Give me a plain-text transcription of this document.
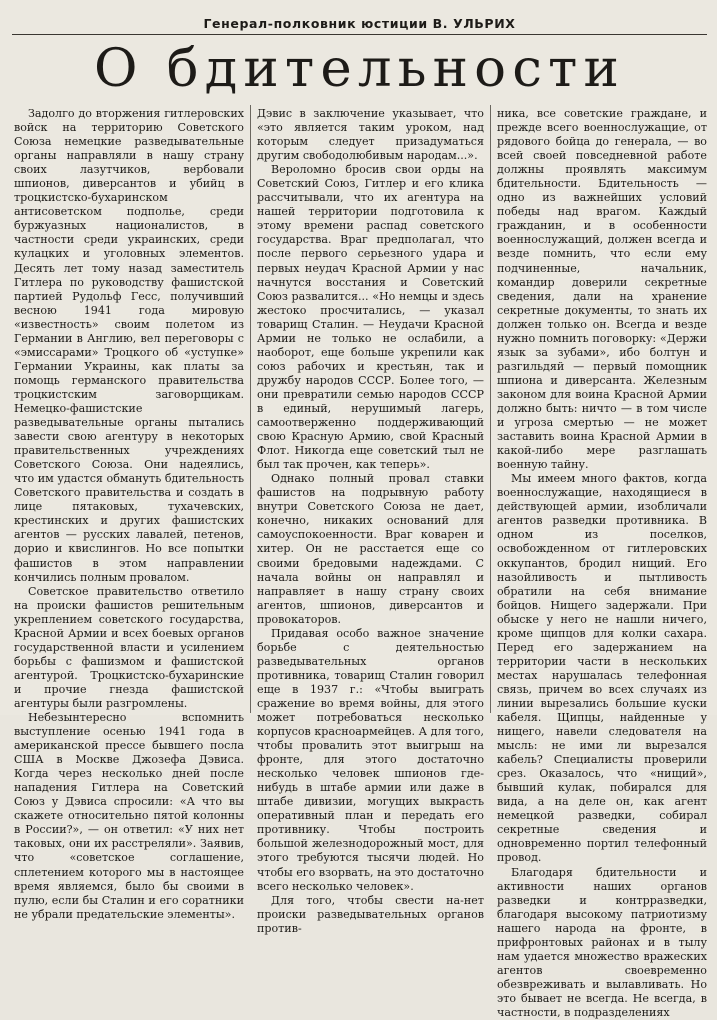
Генерал-полковник юстиции В. УЛЬРИХ
О бдительности

Задолго до вторжения гитлеровских войск на территорию Советского Союза немецкие разведывательные органы направляли в нашу страну своих лазутчиков, вербовали шпионов, диверсантов и убийц в троцкистско-бухаринском антисоветском подполье, среди буржуазных националистов, в частности среди украинских, среди кулацких и уголовных элементов. Десять лет тому назад заместитель Гитлера по руководству фашистской партией Рудольф Гесс, получивший весною 1941 года мировую «известность» своим полетом из Германии в Англию, вел переговоры с «эмиссарами» Троцкого об «уступке» Германии Украины, как платы за помощь германского правительства троцкистским заговорщикам. Немецко-фашистские разведывательные органы пытались завести свою агентуру в некоторых правительственных учреждениях Советского Союза. Они надеялись, что им удастся обмануть бдительность Советского правительства и создать в лице пятаковых, тухачевских, крестинских и других фашистских агентов — русских лавалей, петенов, дорио и квислингов. Но все попытки фашистов в этом направлении кончились полным провалом.

Советское правительство ответило на происки фашистов решительным укреплением советского государства, Красной Армии и всех боевых органов государственной власти и усилением борьбы с фашизмом и фашистской агентурой. Троцкистско-бухаринские и прочие гнезда фашистской агентуры были разгромлены.

Небезынтересно вспомнить выступление осенью 1941 года в американской прессе бывшего посла США в Москве Джозефа Дэвиса. Когда через несколько дней после нападения Гитлера на Советский Союз у Дэвиса спросили: «А что вы скажете относительно пятой колонны в России?», — он ответил: «У них нет таковых, они их расстреляли». Заявив, что «советское соглашение, сплетением которого мы в настоящее время являемся, было бы своими в пулю, если бы Сталин и его соратники не убрали предательские элементы».

Дэвис в заключение указывает, что «это является таким уроком, над которым следует призадуматься другим свободолюбивым народам...».

Вероломно бросив свои орды на Советский Союз, Гитлер и его клика рассчитывали, что их агентура на нашей территории подготовила к этому времени распад советского государства. Враг предполагал, что после первого серьезного удара и первых неудач Красной Армии у нас начнутся восстания и Советский Союз развалится... «Но немцы и здесь жестоко просчитались, — указал товарищ Сталин. — Неудачи Красной Армии не только не ослабили, а наоборот, еще больше укрепили как союз рабочих и крестьян, так и дружбу народов СССР. Более того, — они превратили семью народов СССР в единый, нерушимый лагерь, самоотверженно поддерживающий свою Красную Армию, свой Красный Флот. Никогда еще советский тыл не был так прочен, как теперь».

Однако полный провал ставки фашистов на подрывную работу внутри Советского Союза не дает, конечно, никаких оснований для самоуспокоенности. Враг коварен и хитер. Он не расстается еще со своими бредовыми надеждами. С начала войны он направлял и направляет в нашу страну своих агентов, шпионов, диверсантов и провокаторов.

Придавая особо важное значение борьбе с деятельностью разведывательных органов противника, товарищ Сталин говорил еще в 1937 г.: «Чтобы выиграть сражение во время войны, для этого может потребоваться несколько корпусов красноармейцев. А для того, чтобы провалить этот выигрыш на фронте, для этого достаточно несколько человек шпионов где-нибудь в штабе армии или даже в штабе дивизии, могущих выкрасть оперативный план и передать его противнику. Чтобы построить большой железнодорожный мост, для этого требуются тысячи людей. Но чтобы его взорвать, на это достаточно всего несколько человек».

Для того, чтобы свести на-нет происки разведывательных органов против-

ника, все советские граждане, и прежде всего военнослужащие, от рядового бойца до генерала, — во всей своей повседневной работе должны проявлять максимум бдительности. Бдительность — одно из важнейших условий победы над врагом. Каждый гражданин, и в особенности военнослужащий, должен всегда и везде помнить, что если ему подчиненные, начальник, командир доверили секретные сведения, дали на хранение секретные документы, то знать их должен только он. Всегда и везде нужно помнить поговорку: «Держи язык за зубами», ибо болтун и разгильдяй — первый помощник шпиона и диверсанта. Железным законом для воина Красной Армии должно быть: ничто — в том числе и угроза смертью — не может заставить воина Красной Армии в какой-либо мере разглашать военную тайну.

Мы имеем много фактов, когда военнослужащие, находящиеся в действующей армии, изобличали агентов разведки противника. В одном из поселков, освобожденном от гитлеровских оккупантов, бродил нищий. Его назойливость и пытливость обратили на себя внимание бойцов. Нищего задержали. При обыске у него не нашли ничего, кроме щипцов для колки сахара. Перед его задержанием на территории части в нескольких местах нарушалась телефонная связь, причем во всех случаях из линии вырезались большие куски кабеля. Щипцы, найденные у нищего, навели следователя на мысль: не ими ли вырезался кабель? Специалисты проверили срез. Оказалось, что «нищий», бывший кулак, побирался для вида, а на деле он, как агент немецкой разведки, собирал секретные сведения и одновременно портил телефонный провод.

Благодаря бдительности и активности наших органов разведки и контрразведки, благодаря высокому патриотизму нашего народа на фронте, в прифронтовых районах и в тылу нам удается множество вражеских агентов своевременно обезвреживать и вылавливать. Но это бывает не всегда. Не всегда, в частности, в подразделениях
